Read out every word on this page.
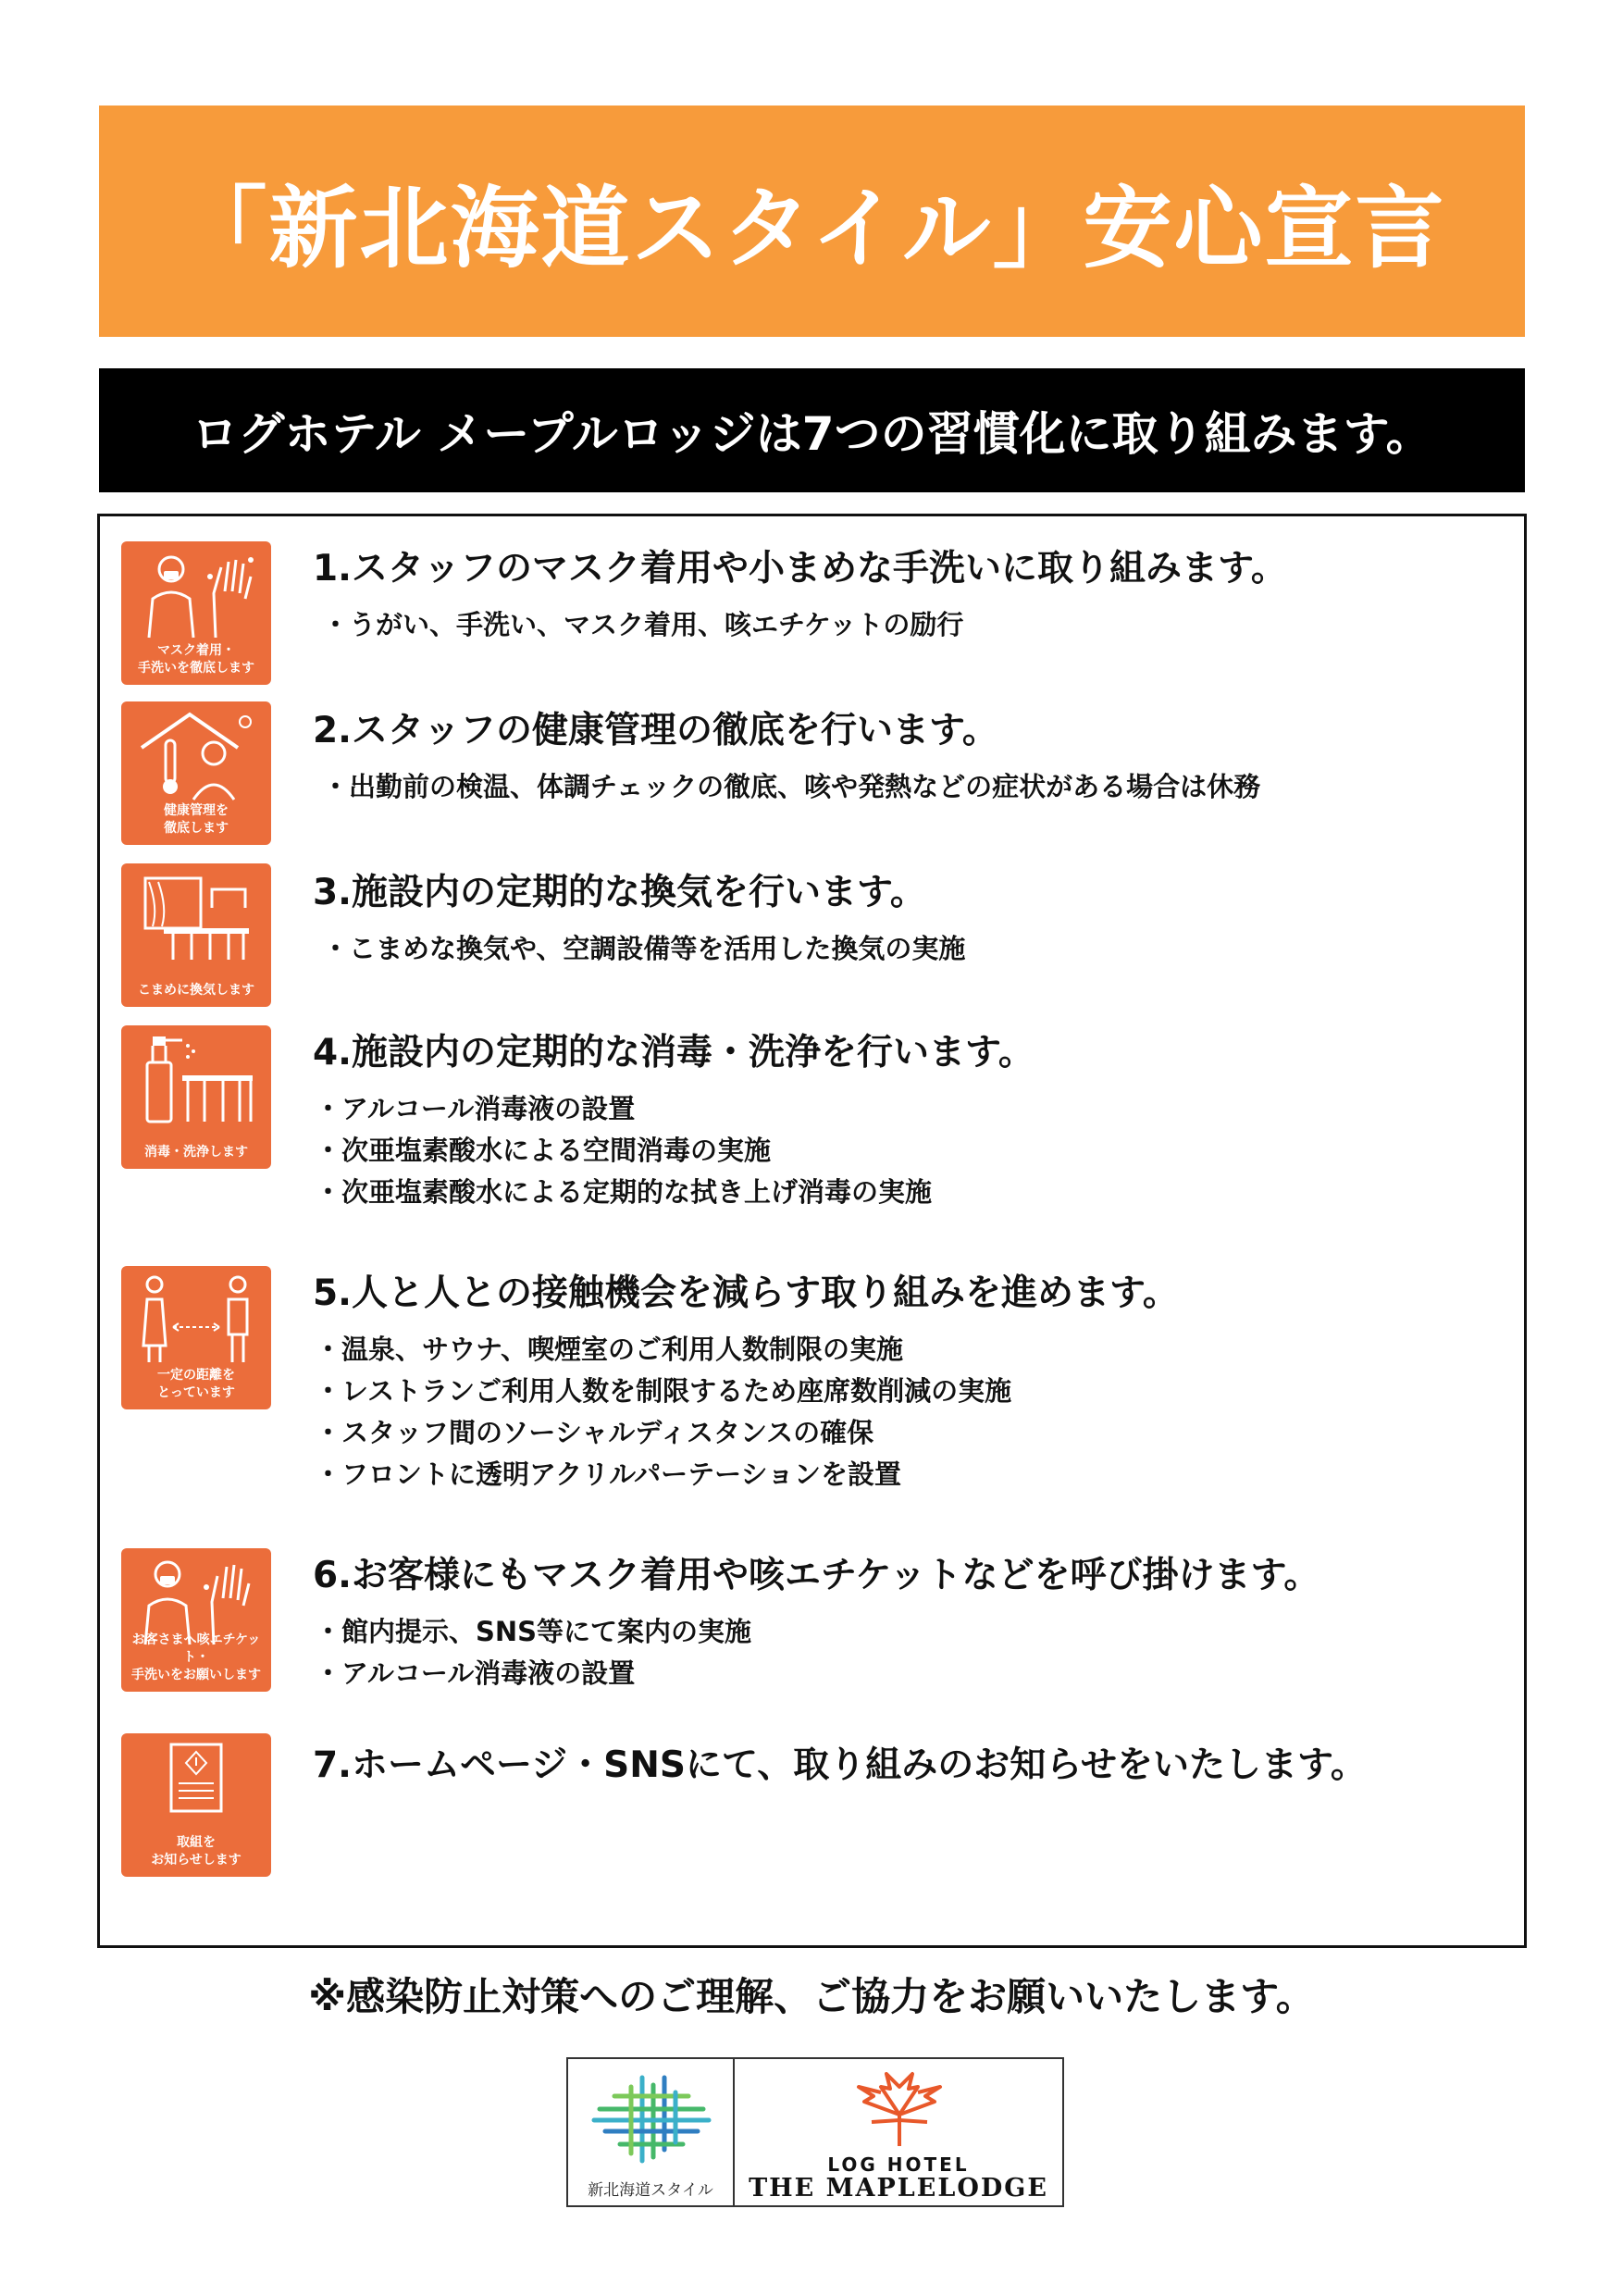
「新北海道スタイル」安心宣言
ログホテル メープルロッジは7つの習慣化に取り組みます。
マスク着用・
手洗いを徹底します
1.スタッフのマスク着用や小まめな手洗いに取り組みます。
・うがい、手洗い、マスク着用、咳エチケットの励行
健康管理を
徹底します
2.スタッフの健康管理の徹底を行います。
・出勤前の検温、体調チェックの徹底、咳や発熱などの症状がある場合は休務
こまめに換気します
3.施設内の定期的な換気を行います。
・こまめな換気や、空調設備等を活用した換気の実施
消毒・洗浄します
4.施設内の定期的な消毒・洗浄を行います。
・アルコール消毒液の設置
・次亜塩素酸水による空間消毒の実施
・次亜塩素酸水による定期的な拭き上げ消毒の実施
一定の距離を
とっています
5.人と人との接触機会を減らす取り組みを進めます。
・温泉、サウナ、喫煙室のご利用人数制限の実施
・レストランご利用人数を制限するため座席数削減の実施
・スタッフ間のソーシャルディスタンスの確保
・フロントに透明アクリルパーテーションを設置
お客さまへ咳エチケット・
手洗いをお願いします
6.お客様にもマスク着用や咳エチケットなどを呼び掛けます。
・館内提示、SNS等にて案内の実施
・アルコール消毒液の設置
取組を
お知らせします
7.ホームページ・SNSにて、取り組みのお知らせをいたします。
※感染防止対策へのご理解、ご協力をお願いいたします。
新北海道スタイル
LOG HOTEL
THE MAPLELODGE
